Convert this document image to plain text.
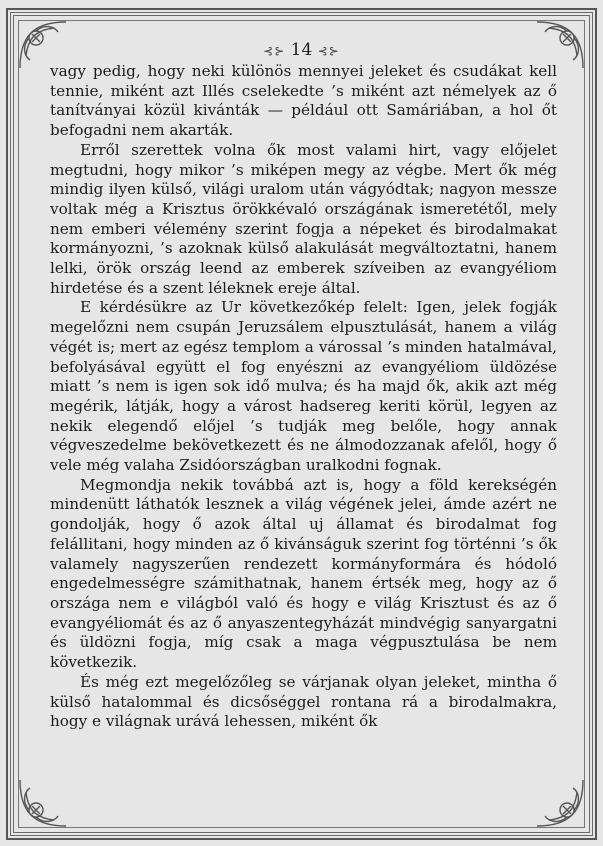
⊰⊱ 14 ⊰⊱

vagy pedig, hogy neki különös mennyei jeleket és csudákat kell tennie, miként azt Illés cselekedte ’s miként azt némelyek az ő tanítványai közül kivánták — például ott Samáriában, a hol őt befogadni nem akarták.

Erről szerettek volna ők most valami hirt, vagy előjelet megtudni, hogy mikor ’s miképen megy az végbe. Mert ők még mindig ilyen külső, világi uralom után vágyódtak; nagyon messze voltak még a Krisztus örökkévaló országának ismeretétől, mely nem emberi vélemény szerint fogja a népeket és birodalmakat kormányozni, ’s azoknak külső alakulását megváltoztatni, hanem lelki, örök ország leend az emberek szíveiben az evangyéliom hirdetése és a szent léleknek ereje által.

E kérdésükre az Ur következőkép felelt: Igen, jelek fogják megelőzni nem csupán Jeruzsálem elpusztulását, hanem a világ végét is; mert az egész templom a várossal ’s minden hatalmával, befolyásával együtt el fog enyészni az evangyéliom üldözése miatt ’s nem is igen sok idő mulva; és ha majd ők, akik azt még megérik, látják, hogy a várost hadsereg keriti körül, legyen az nekik elegendő előjel ’s tudják meg belőle, hogy annak végveszedelme bekövetkezett és ne álmodozzanak afelől, hogy ő vele még valaha Zsidóországban uralkodni fognak.

Megmondja nekik továbbá azt is, hogy a föld kerekségén mindenütt láthatók lesznek a világ végének jelei, ámde azért ne gondolják, hogy ő azok által uj államat és birodalmat fog felállitani, hogy minden az ő kivánságuk szerint fog történni ’s ők valamely nagyszerűen rendezett kormányformára és hódoló engedelmességre számithatnak, hanem értsék meg, hogy az ő országa nem e világból való és hogy e világ Krisztust és az ő evangyéliomát és az ő anyaszentegyházát mindvégig sanyargatni és üldözni fogja, míg csak a maga végpusztulása be nem következik.

És még ezt megelőzőleg se várjanak olyan jeleket, mintha ő külső hatalommal és dicsőséggel rontana rá a birodalmakra, hogy e világnak urává lehessen, miként ők
